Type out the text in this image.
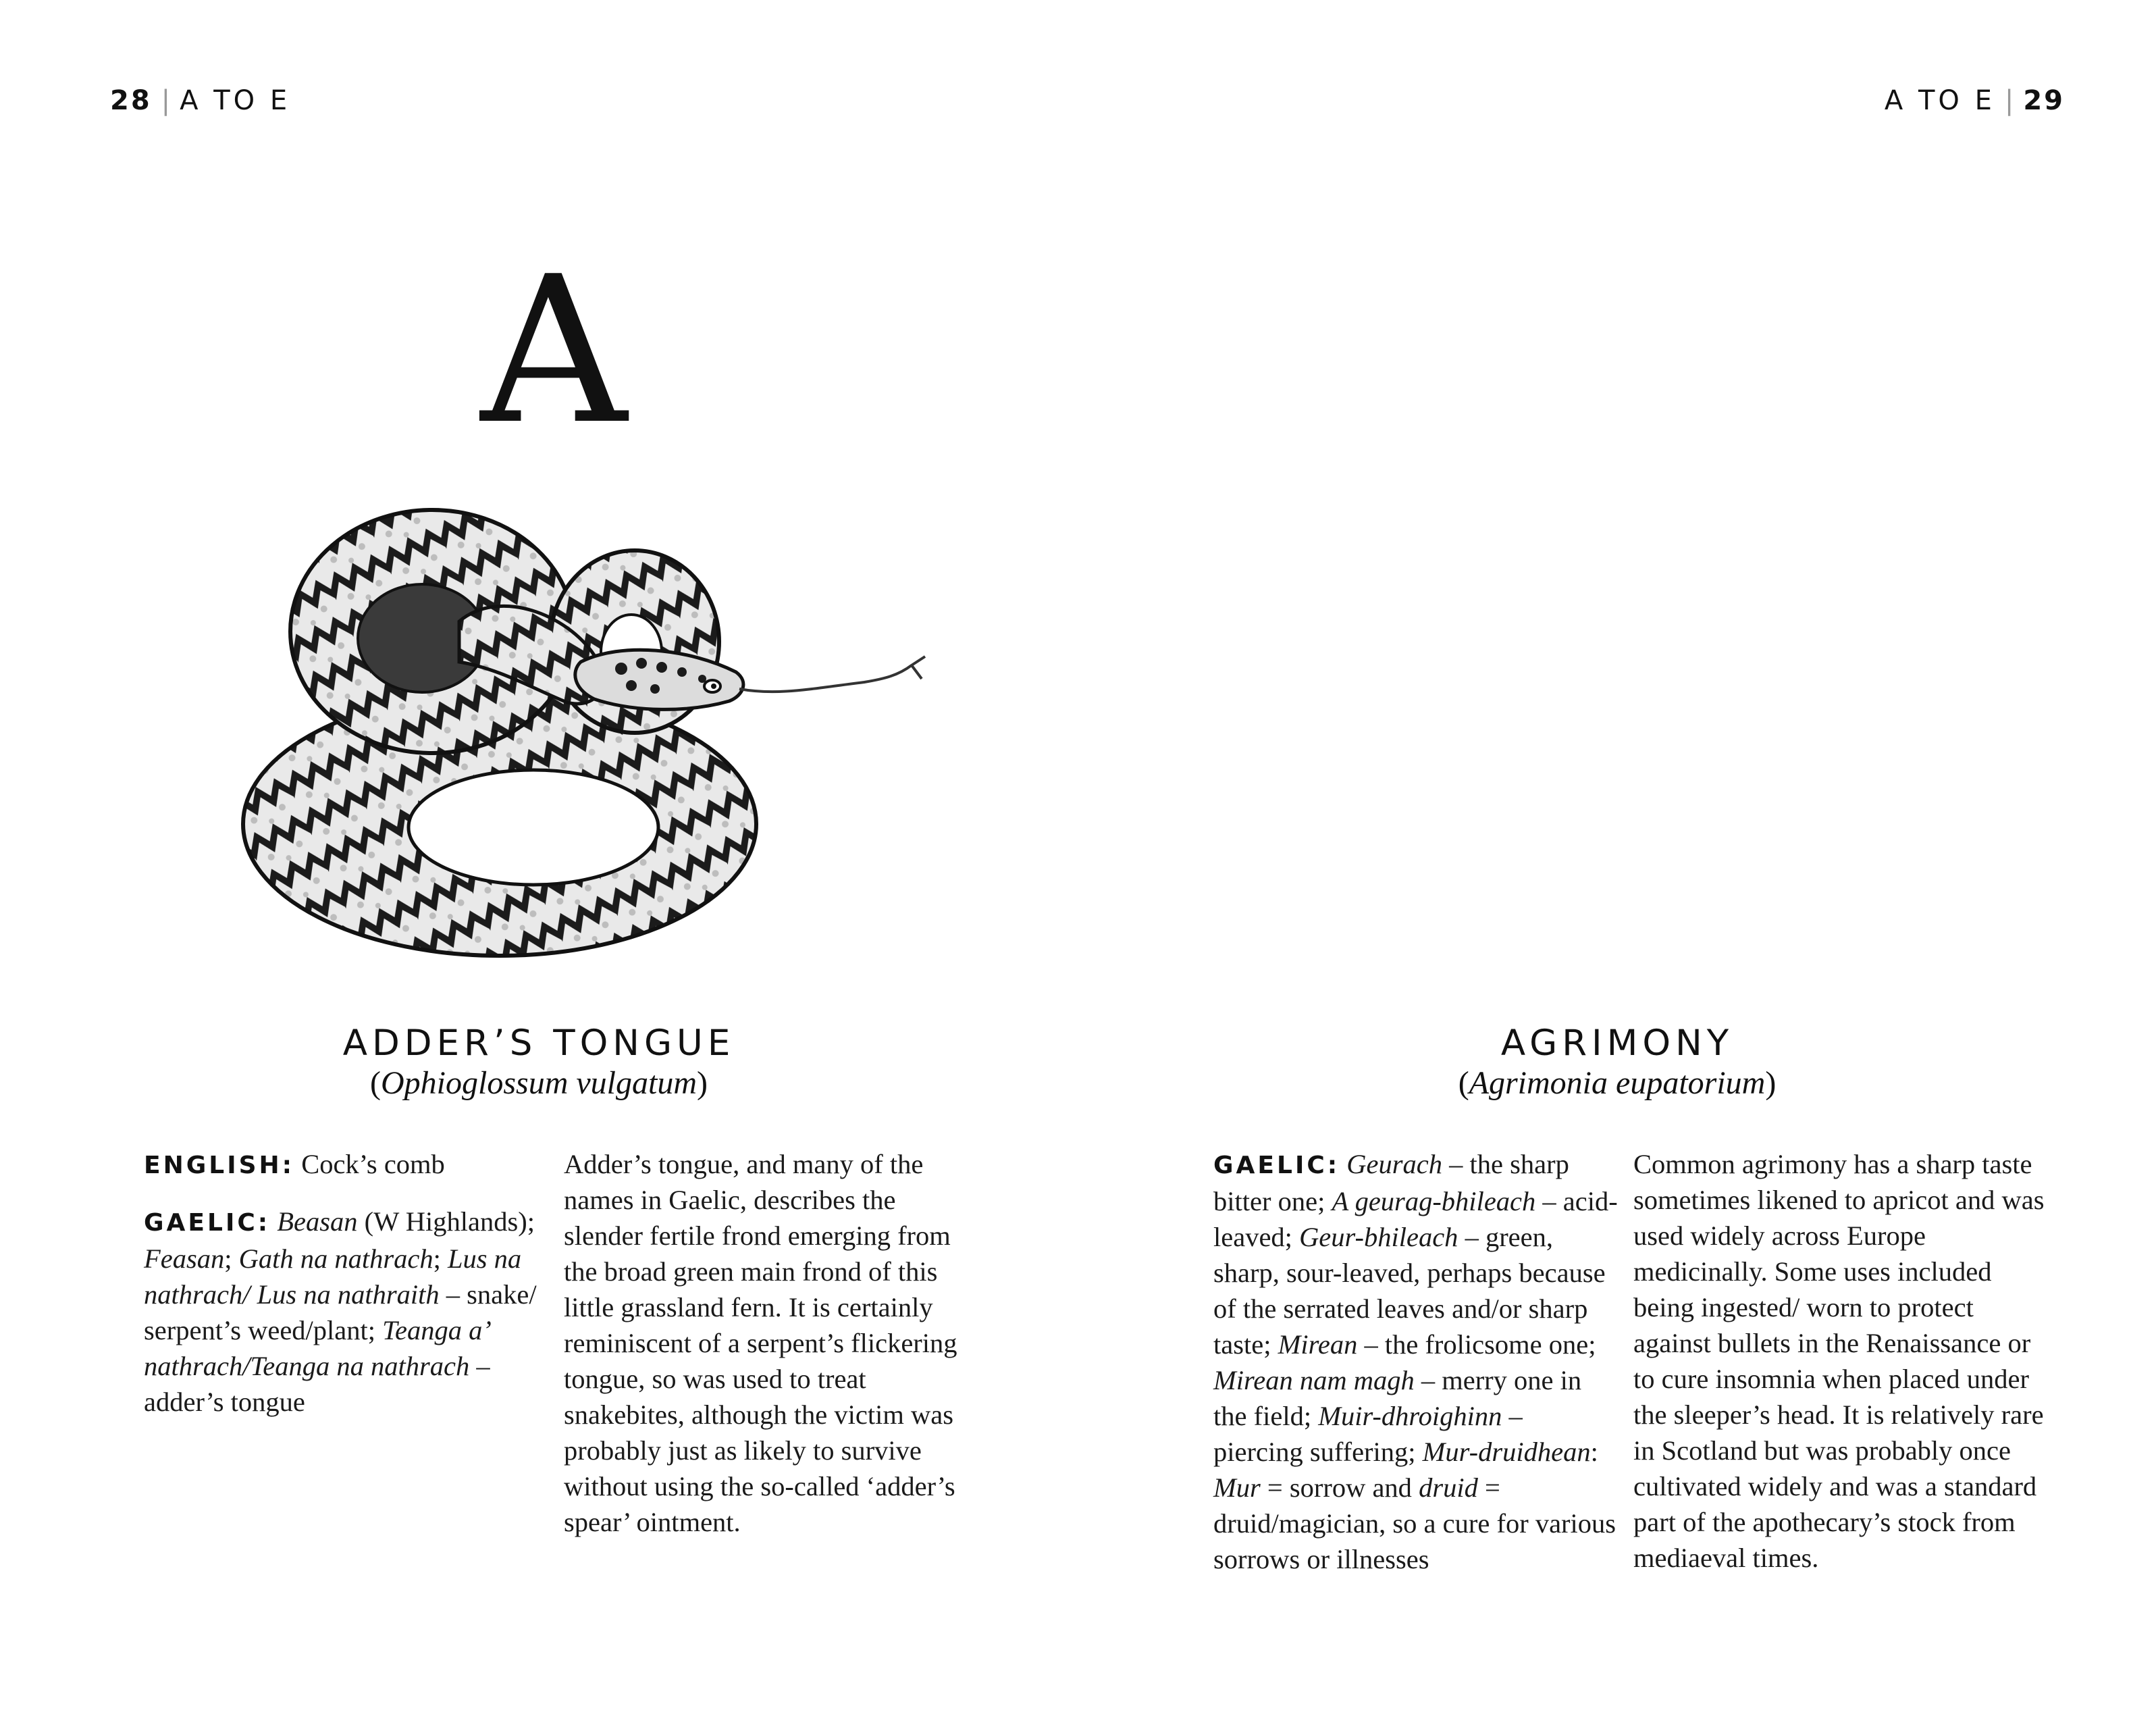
28 | A TO E
A
ADDER’S TONGUE
(Ophioglossum vulgatum)

ENGLISH: Cock’s comb

GAELIC: Beasan (W Highlands); Feasan; Gath na nathrach; Lus na nathrach/ Lus na nathraith – snake/ serpent’s weed/plant; Teanga a’ nathrach/Teanga na nathrach – adder’s tongue

Adder’s tongue, and many of the names in Gaelic, describes the slender fertile frond emerging from the broad green main frond of this little grassland fern. It is certainly reminiscent of a serpent’s flickering tongue, so was used to treat snakebites, although the victim was probably just as likely to survive without using the so-called ‘adder’s spear’ ointment.

A TO E | 29
AGRIMONY
(Agrimonia eupatorium)

GAELIC: Geurach – the sharp bitter one; A geurag-bhileach – acid-leaved; Geur-bhileach – green, sharp, sour-leaved, perhaps because of the serrated leaves and/or sharp taste; Mirean – the frolicsome one; Mirean nam magh – merry one in the field; Muir-dhroighinn – piercing suffering; Mur-druidhean: Mur = sorrow and druid = druid/magician, so a cure for various sorrows or illnesses

Common agrimony has a sharp taste sometimes likened to apricot and was used widely across Europe medicinally. Some uses included being ingested/ worn to protect against bullets in the Renaissance or to cure insomnia when placed under the sleeper’s head. It is relatively rare in Scotland but was probably once cultivated widely and was a standard part of the apothecary’s stock from mediaeval times.
